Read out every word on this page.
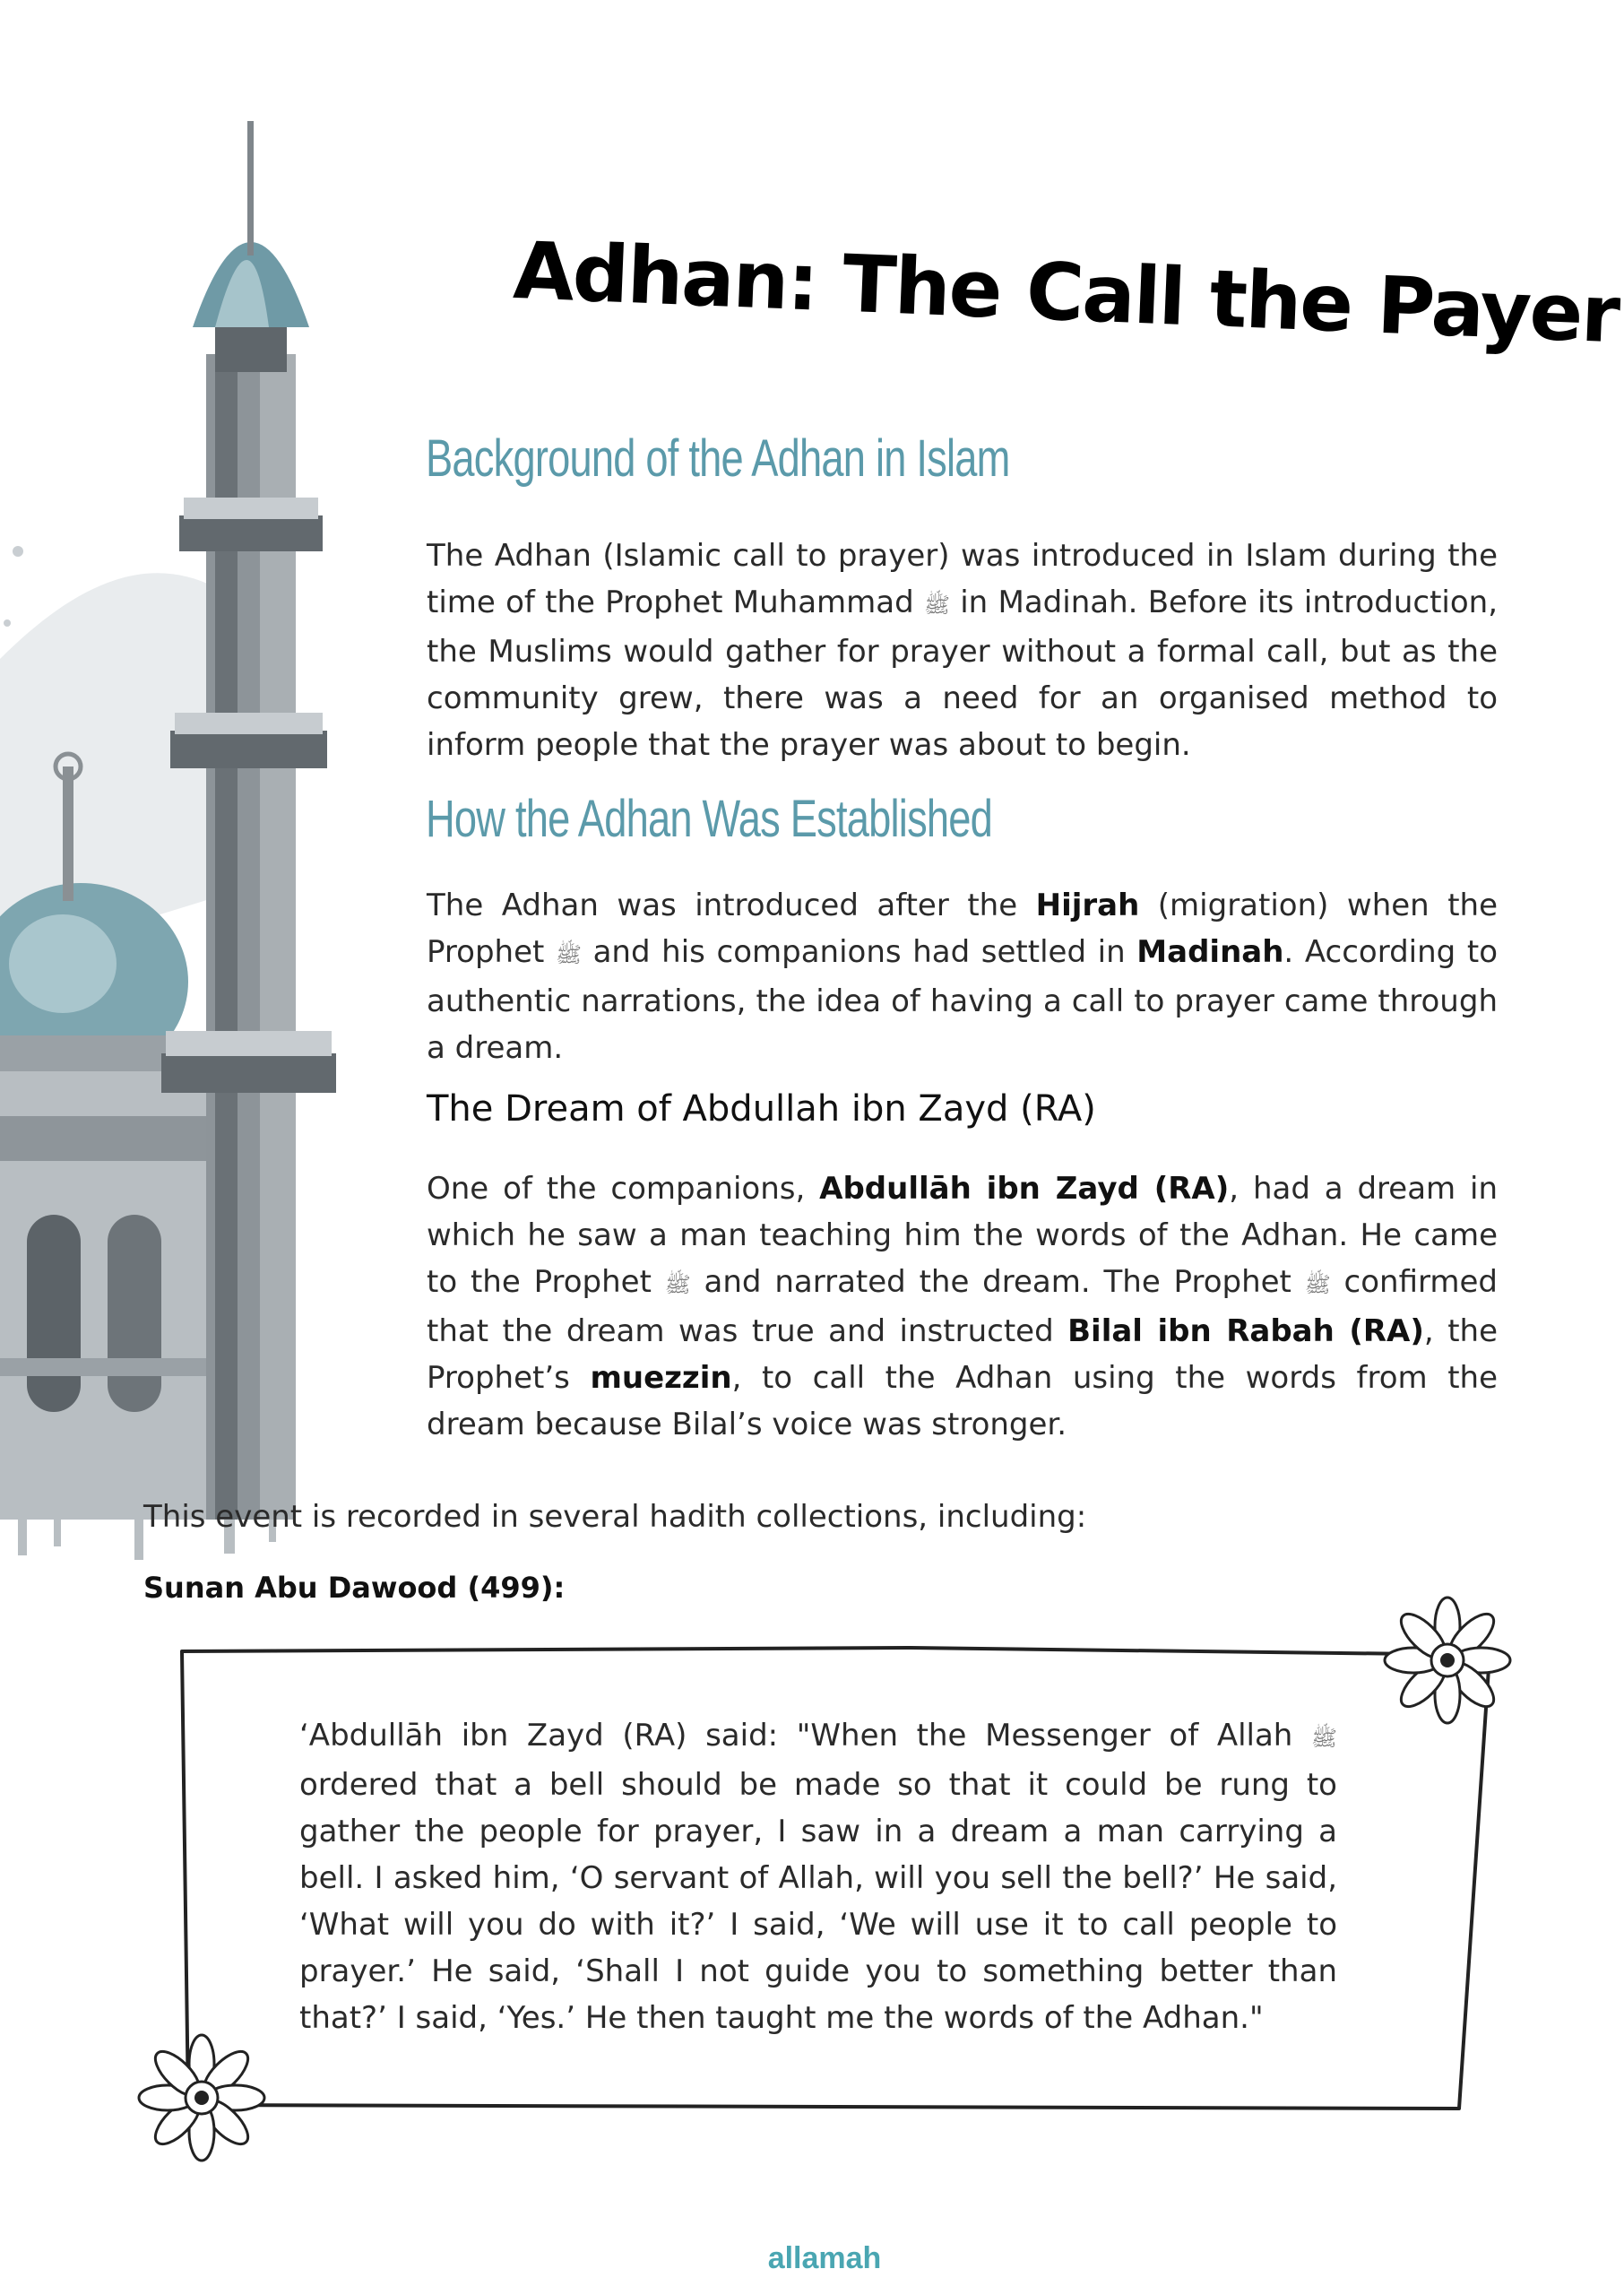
Adhan: The Call the Payer
Background of the Adhan in Islam

The Adhan (Islamic call to prayer) was introduced in Islam during the time of the Prophet Muhammad ﷺ in Madinah. Before its introduction, the Muslims would gather for prayer without a formal call, but as the community grew, there was a need for an organised method to inform people that the prayer was about to begin.

How the Adhan Was Established

The Adhan was introduced after the Hijrah (migration) when the Prophet ﷺ and his companions had settled in Madinah. According to authentic narrations, the idea of having a call to prayer came through a dream.

The Dream of Abdullah ibn Zayd (RA)

One of the companions, Abdullāh ibn Zayd (RA), had a dream in which he saw a man teaching him the words of the Adhan. He came to the Prophet ﷺ and narrated the dream. The Prophet ﷺ confirmed that the dream was true and instructed Bilal ibn Rabah (RA), the Prophet’s muezzin, to call the Adhan using the words from the dream because Bilal’s voice was stronger.

This event is recorded in several hadith collections, including:
Sunan Abu Dawood (499):

‘Abdullāh ibn Zayd (RA) said: "When the Messenger of Allah ﷺ ordered that a bell should be made so that it could be rung to gather the people for prayer, I saw in a dream a man carrying a bell. I asked him, ‘O servant of Allah, will you sell the bell?’ He said, ‘What will you do with it?’ I said, ‘We will use it to call people to prayer.’ He said, ‘Shall I not guide you to something better than that?’ I said, ‘Yes.’ He then taught me the words of the Adhan."

allamah
